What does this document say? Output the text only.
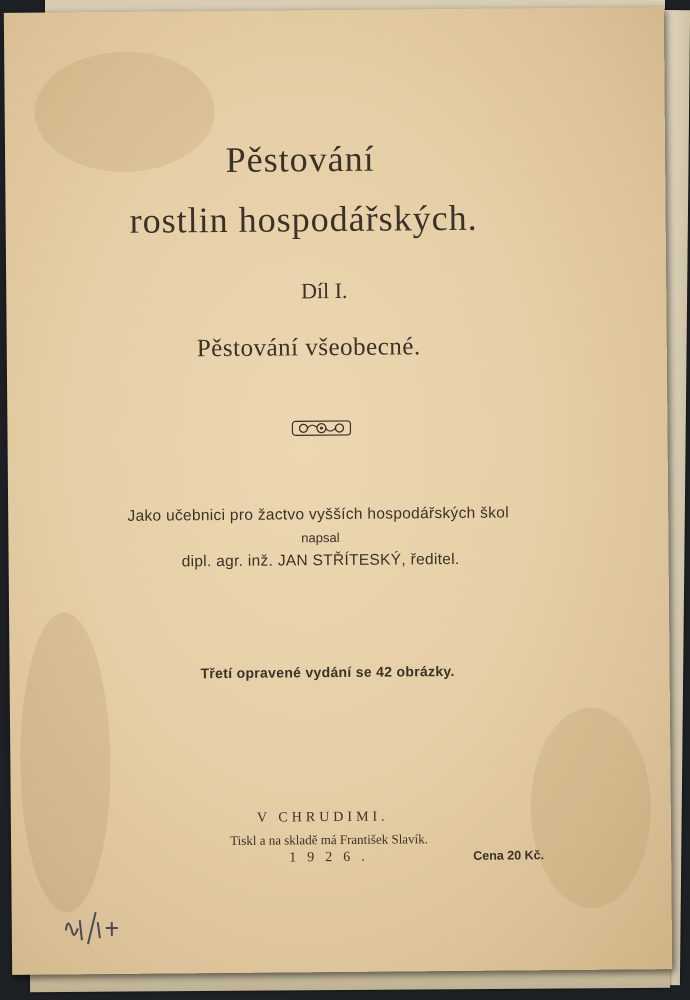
Pěstování
rostlin hospodářských.
Díl I.
Pěstování všeobecné.
Jako učebnici pro žactvo vyšších hospodářských škol
napsal
dipl. agr. inž. JAN STŘÍTESKÝ, ředitel.
Třetí opravené vydání se 42 obrázky.
V CHRUDIMI.
Tiskl a na skladě má František Slavík.
1926.	Cena 20 Kč.
